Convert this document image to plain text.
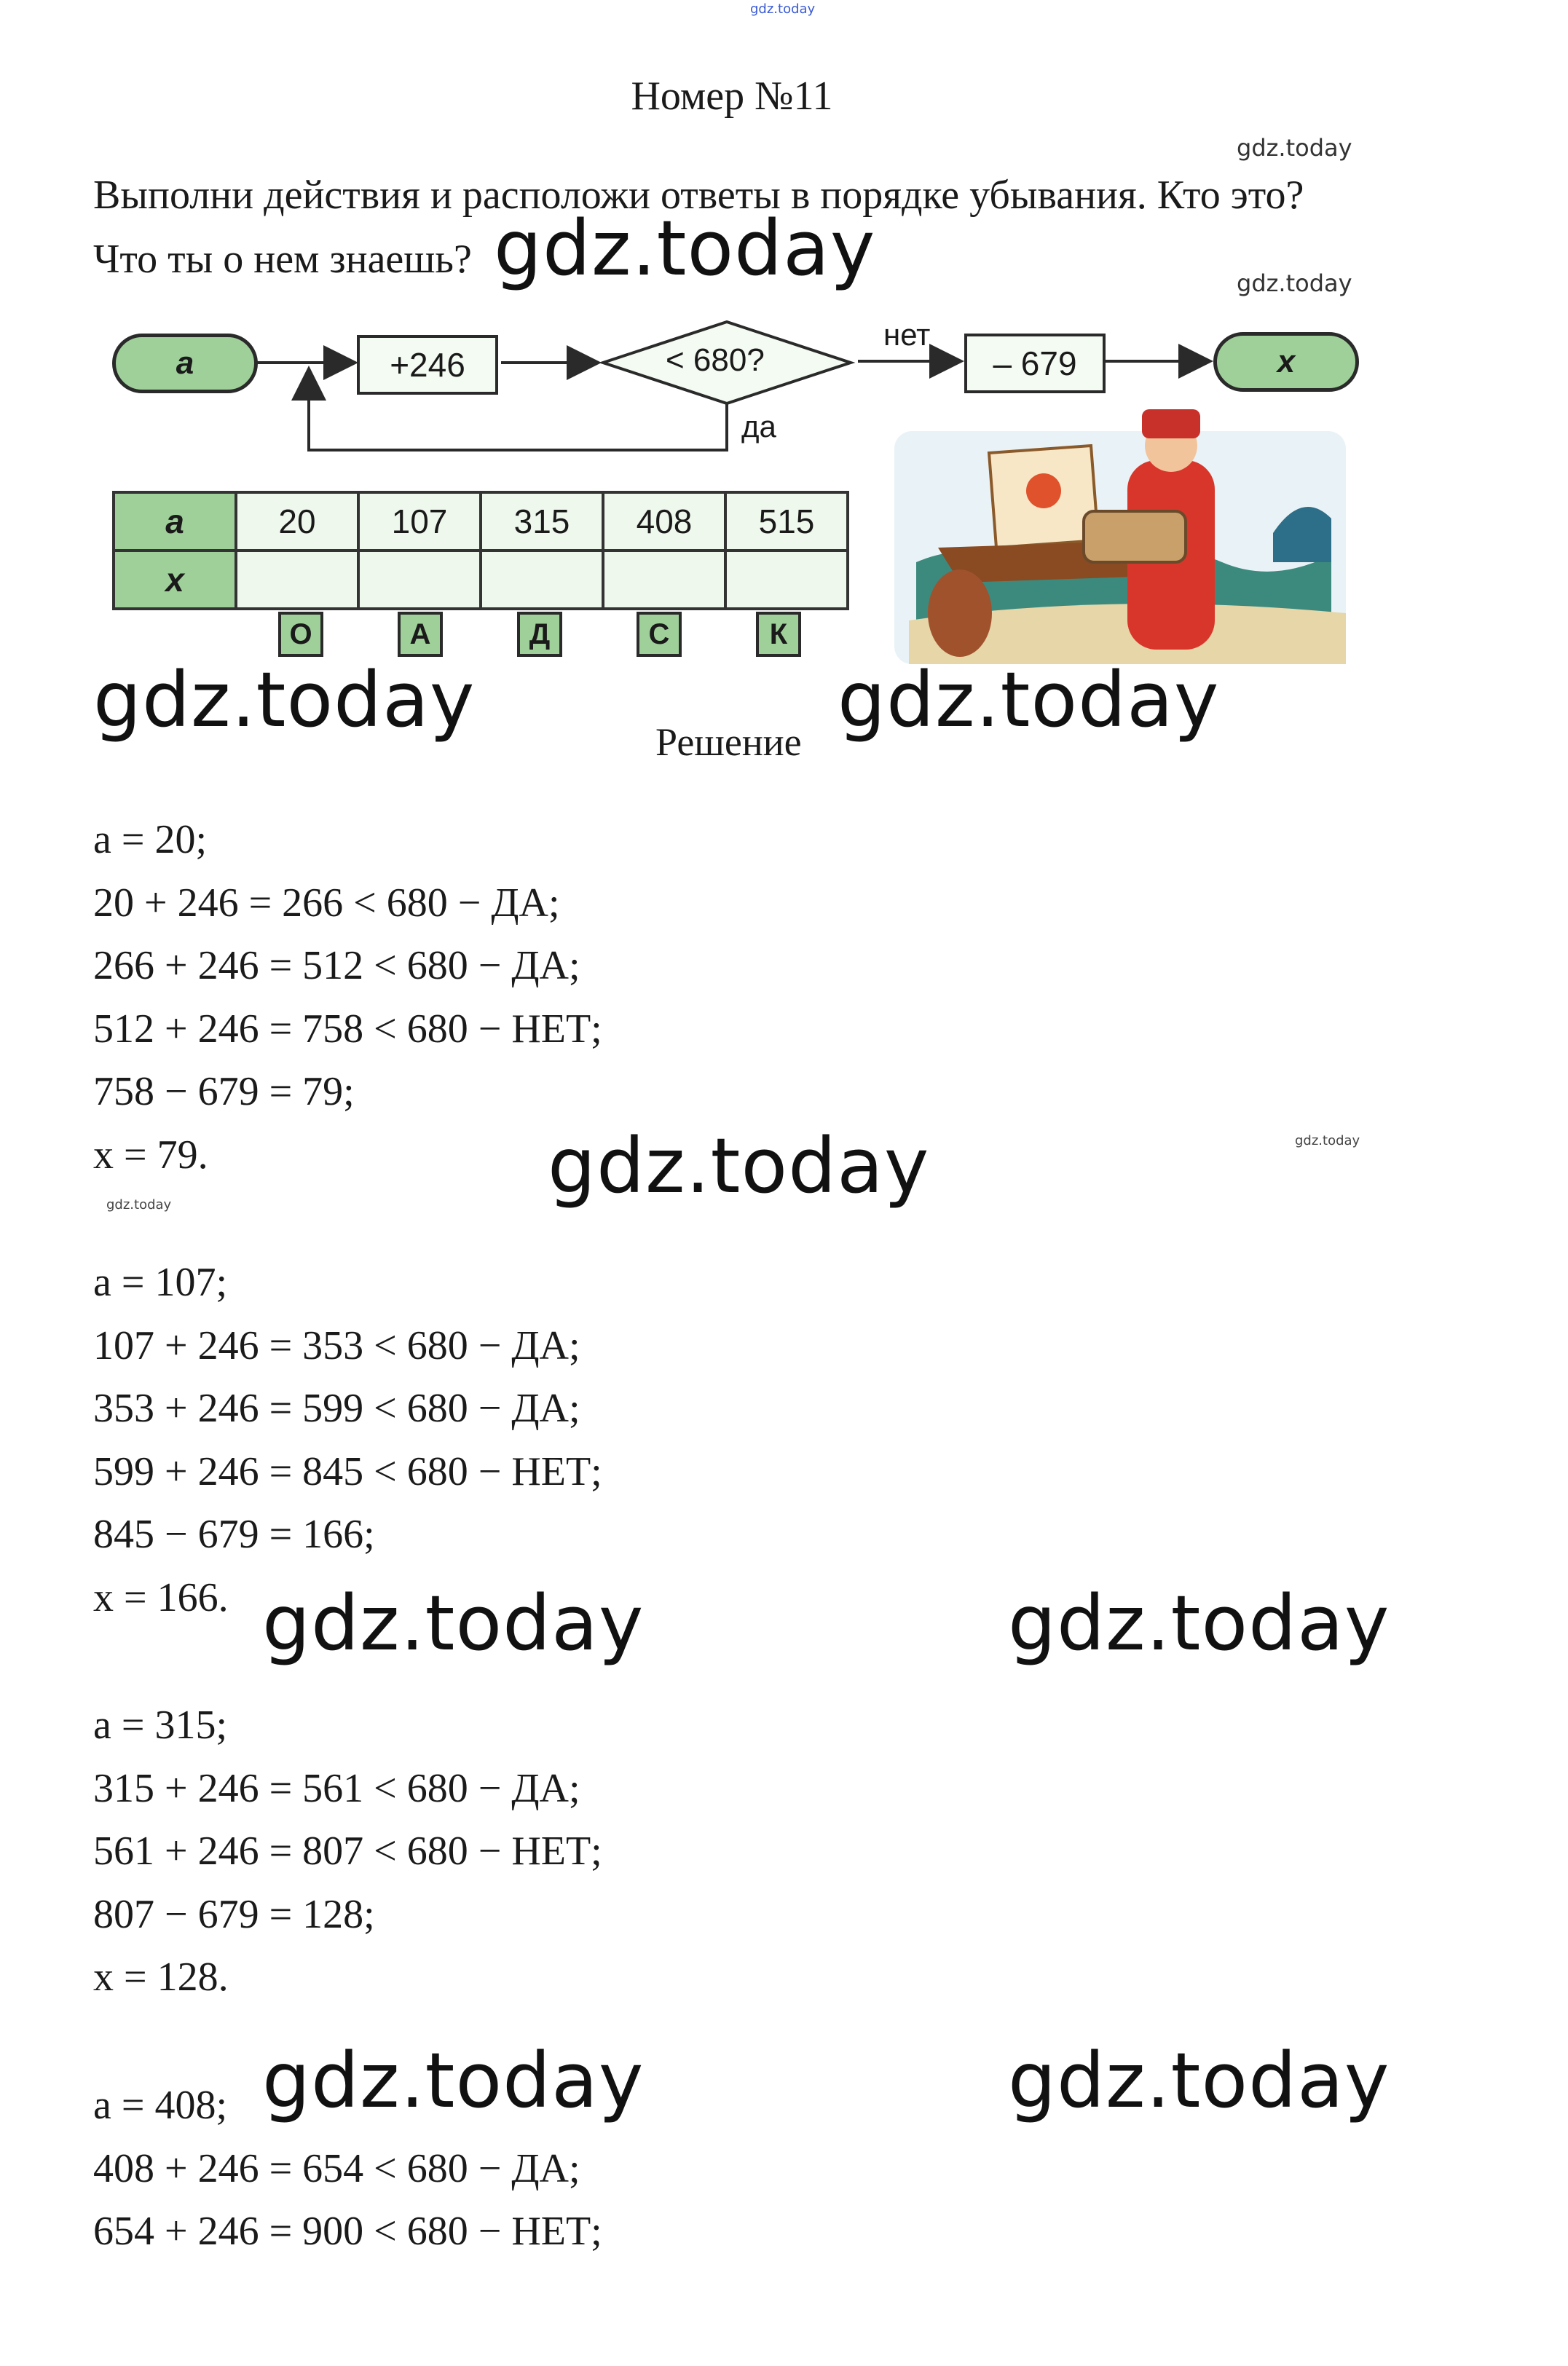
gdz.today
Номер №11
gdz.today
gdz.today
Выполни действия и расположи ответы в порядке убывания. Кто это?
Что ты о нем знаешь? gdz.today
a	+246	< 680?
нет
да
– 679	x
a	20	107	315	408	515
x					
О	А	Д	С	К
gdz.today	Решение gdz.today
a = 20;
20 + 246 = 266 < 680 − ДА;
266 + 246 = 512 < 680 − ДА;
512 + 246 = 758 < 680 − НЕТ;
758 − 679 = 79;
x = 79.	gdz.today	gdz.today
gdz.today
a = 107;
107 + 246 = 353 < 680 − ДА;
353 + 246 = 599 < 680 − ДА;
599 + 246 = 845 < 680 − НЕТ;
845 − 679 = 166;
x = 166. gdz.today	gdz.today
a = 315;
315 + 246 = 561 < 680 − ДА;
561 + 246 = 807 < 680 − НЕТ;
807 − 679 = 128;
x = 128.
a = 408;
408 + 246 = 654 < 680 − ДА;
654 + 246 = 900 < 680 − НЕТ;
gdz.today	gdz.today
